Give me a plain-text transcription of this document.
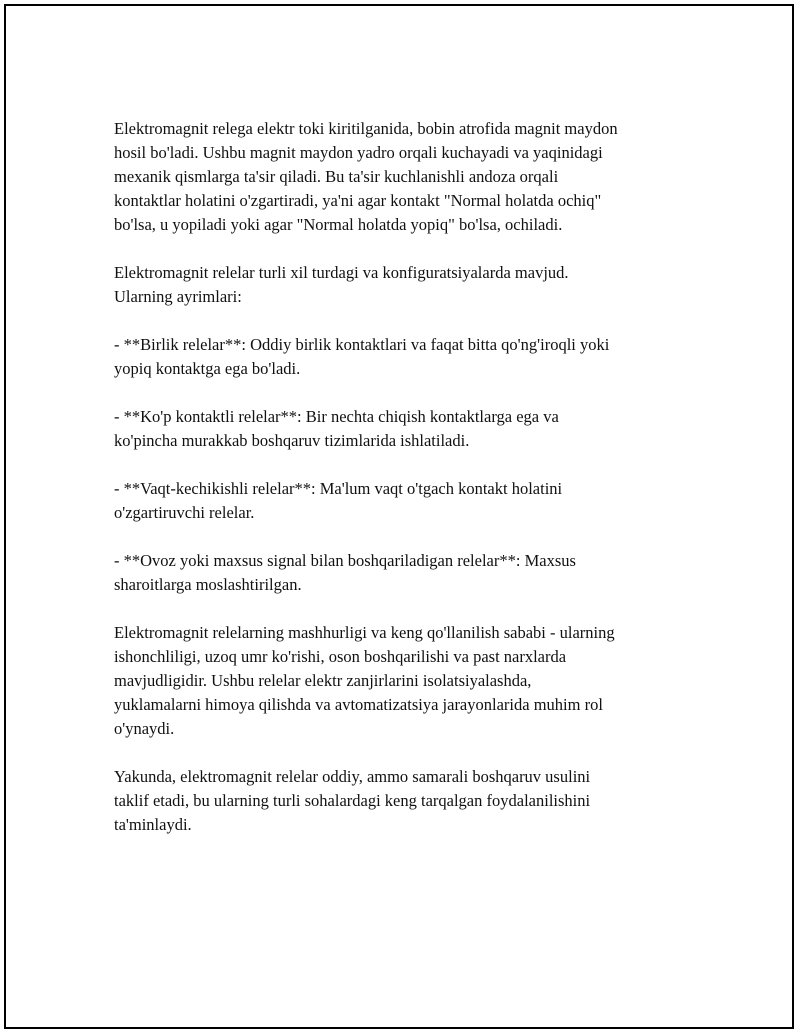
Elektromagnit relega elektr toki kiritilganida, bobin atrofida magnit maydon
hosil bo'ladi. Ushbu magnit maydon yadro orqali kuchayadi va yaqinidagi
mexanik qismlarga ta'sir qiladi. Bu ta'sir kuchlanishli andoza orqali
kontaktlar holatini o'zgartiradi, ya'ni agar kontakt "Normal holatda ochiq"
bo'lsa, u yopiladi yoki agar "Normal holatda yopiq" bo'lsa, ochiladi.

Elektromagnit relelar turli xil turdagi va konfiguratsiyalarda mavjud.
Ularning ayrimlari:

- **Birlik relelar**: Oddiy birlik kontaktlari va faqat bitta qo'ng'iroqli yoki
yopiq kontaktga ega bo'ladi.

- **Ko'p kontaktli relelar**: Bir nechta chiqish kontaktlarga ega va
ko'pincha murakkab boshqaruv tizimlarida ishlatiladi.

- **Vaqt-kechikishli relelar**: Ma'lum vaqt o'tgach kontakt holatini
o'zgartiruvchi relelar.

- **Ovoz yoki maxsus signal bilan boshqariladigan relelar**: Maxsus
sharoitlarga moslashtirilgan.

Elektromagnit relelarning mashhurligi va keng qo'llanilish sababi - ularning
ishonchliligi, uzoq umr ko'rishi, oson boshqarilishi va past narxlarda
mavjudligidir. Ushbu relelar elektr zanjirlarini isolatsiyalashda,
yuklamalarni himoya qilishda va avtomatizatsiya jarayonlarida muhim rol
o'ynaydi.

Yakunda, elektromagnit relelar oddiy, ammo samarali boshqaruv usulini
taklif etadi, bu ularning turli sohalardagi keng tarqalgan foydalanilishini
ta'minlaydi.
